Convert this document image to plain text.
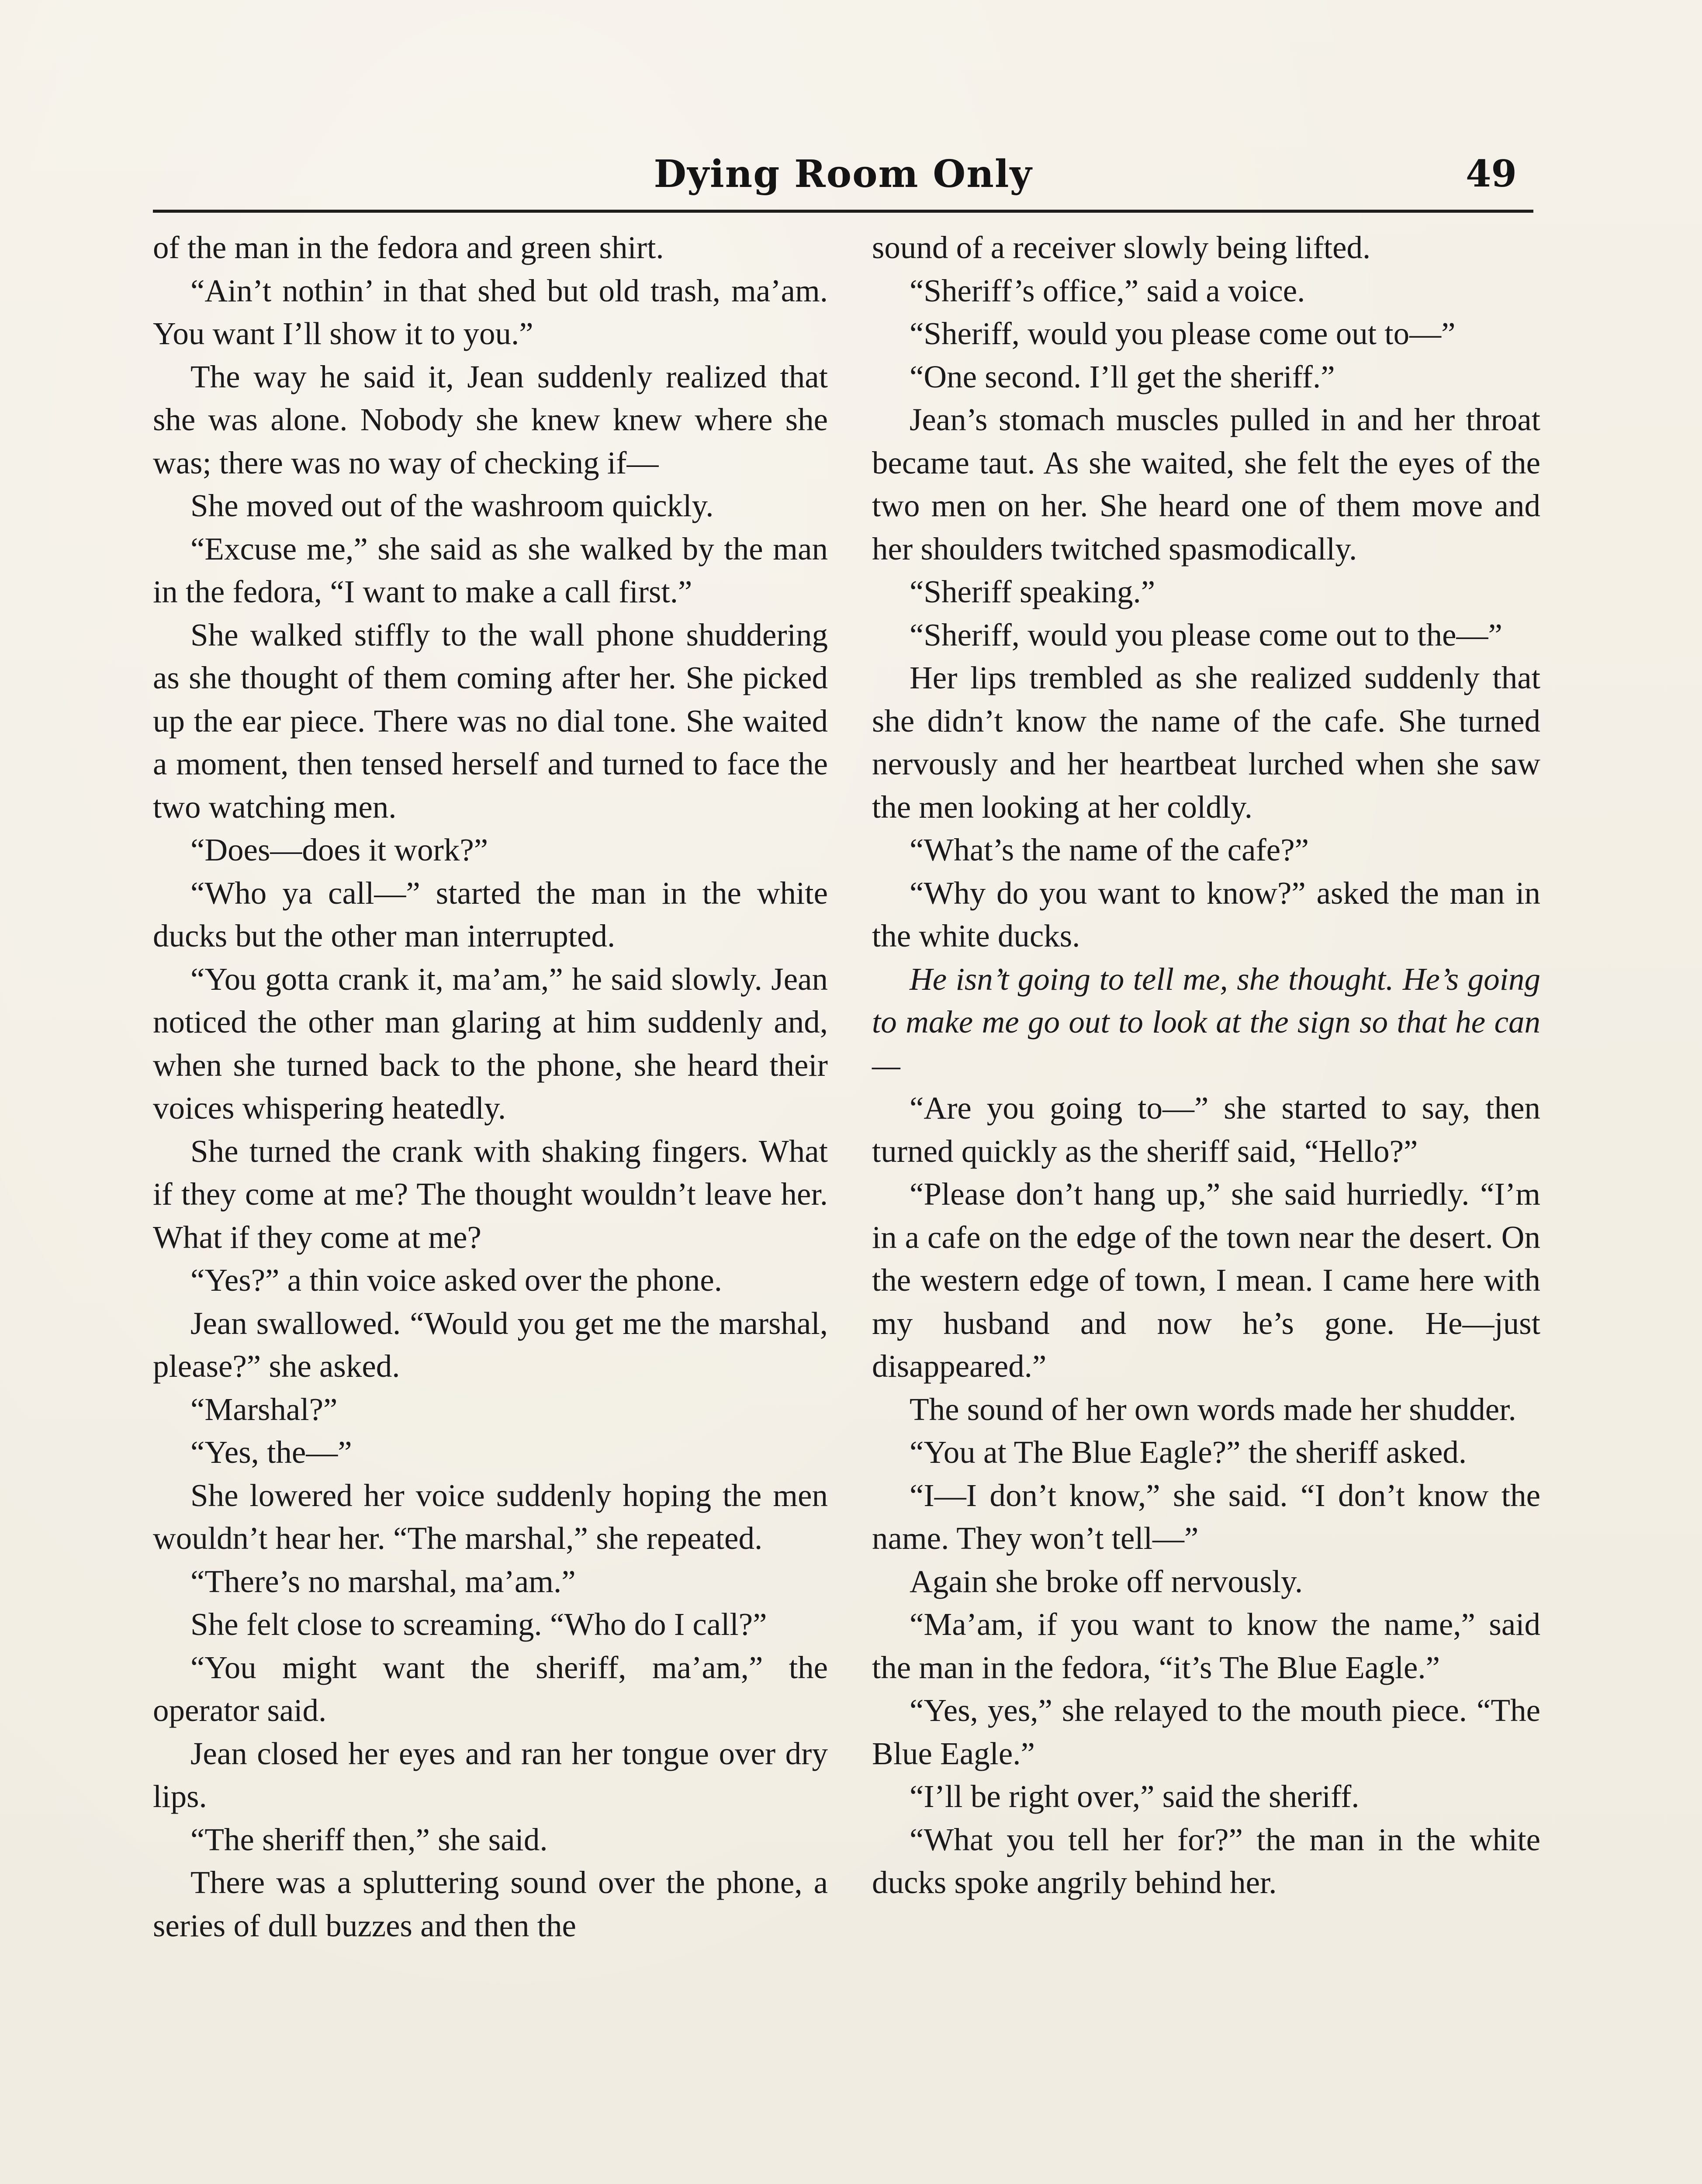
Dying Room Only	49

of the man in the fedora and green shirt.

“Ain’t nothin’ in that shed but old trash, ma’am. You want I’ll show it to you.”

The way he said it, Jean suddenly realized that she was alone. Nobody she knew knew where she was; there was no way of checking if—

She moved out of the washroom quickly.

“Excuse me,” she said as she walked by the man in the fedora, “I want to make a call first.”

She walked stiffly to the wall phone shuddering as she thought of them coming after her. She picked up the ear piece. There was no dial tone. She waited a moment, then tensed herself and turned to face the two watching men.

“Does—does it work?”

“Who ya call—” started the man in the white ducks but the other man interrupted.

“You gotta crank it, ma’am,” he said slowly. Jean noticed the other man glaring at him suddenly and, when she turned back to the phone, she heard their voices whispering heatedly.

She turned the crank with shaking fingers. What if they come at me? The thought wouldn’t leave her. What if they come at me?

“Yes?” a thin voice asked over the phone.

Jean swallowed. “Would you get me the marshal, please?” she asked.

“Marshal?”

“Yes, the—”

She lowered her voice suddenly hoping the men wouldn’t hear her. “The marshal,” she repeated.

“There’s no marshal, ma’am.”

She felt close to screaming. “Who do I call?”

“You might want the sheriff, ma’am,” the operator said.

Jean closed her eyes and ran her tongue over dry lips.

“The sheriff then,” she said.

There was a spluttering sound over the phone, a series of dull buzzes and then the

sound of a receiver slowly being lifted.

“Sheriff’s office,” said a voice.

“Sheriff, would you please come out to—”

“One second. I’ll get the sheriff.”

Jean’s stomach muscles pulled in and her throat became taut. As she waited, she felt the eyes of the two men on her. She heard one of them move and her shoulders twitched spasmodically.

“Sheriff speaking.”

“Sheriff, would you please come out to the—”

Her lips trembled as she realized suddenly that she didn’t know the name of the cafe. She turned nervously and her heartbeat lurched when she saw the men looking at her coldly.

“What’s the name of the cafe?”

“Why do you want to know?” asked the man in the white ducks.

He isn’t going to tell me, she thought. He’s going to make me go out to look at the sign so that he can—

“Are you going to—” she started to say, then turned quickly as the sheriff said, “Hello?”

“Please don’t hang up,” she said hurriedly. “I’m in a cafe on the edge of the town near the desert. On the western edge of town, I mean. I came here with my husband and now he’s gone. He—just disappeared.”

The sound of her own words made her shudder.

“You at The Blue Eagle?” the sheriff asked.

“I—I don’t know,” she said. “I don’t know the name. They won’t tell—”

Again she broke off nervously.

“Ma’am, if you want to know the name,” said the man in the fedora, “it’s The Blue Eagle.”

“Yes, yes,” she relayed to the mouth piece. “The Blue Eagle.”

“I’ll be right over,” said the sheriff.

“What you tell her for?” the man in the white ducks spoke angrily behind her.
